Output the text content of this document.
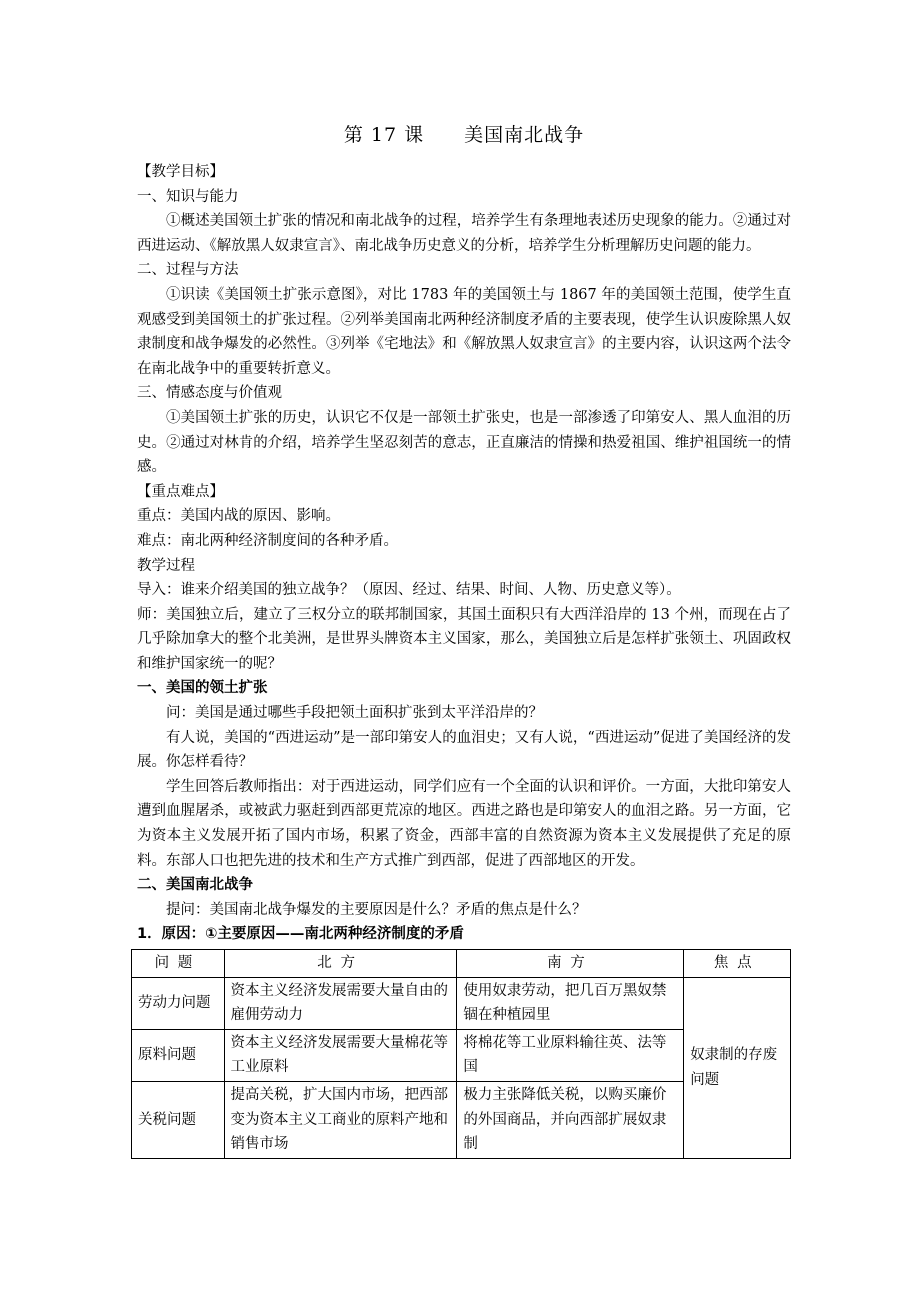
第 17 课　　美国南北战争

【教学目标】

一、知识与能力

①概述美国领土扩张的情况和南北战争的过程，培养学生有条理地表述历史现象的能力。②通过对西进运动、《解放黑人奴隶宣言》、南北战争历史意义的分析，培养学生分析理解历史问题的能力。

二、过程与方法

①识读《美国领土扩张示意图》，对比 1783 年的美国领土与 1867 年的美国领土范围，使学生直观感受到美国领土的扩张过程。②列举美国南北两种经济制度矛盾的主要表现，使学生认识废除黑人奴隶制度和战争爆发的必然性。③列举《宅地法》和《解放黑人奴隶宣言》的主要内容，认识这两个法令在南北战争中的重要转折意义。

三、情感态度与价值观

①美国领土扩张的历史，认识它不仅是一部领土扩张史，也是一部渗透了印第安人、黑人血泪的历史。②通过对林肯的介绍，培养学生坚忍刻苦的意志，正直廉洁的情操和热爱祖国、维护祖国统一的情感。

【重点难点】

重点：美国内战的原因、影响。

难点：南北两种经济制度间的各种矛盾。

教学过程

导入：谁来介绍美国的独立战争？（原因、经过、结果、时间、人物、历史意义等）。

师：美国独立后，建立了三权分立的联邦制国家，其国土面积只有大西洋沿岸的 13 个州，而现在占了几乎除加拿大的整个北美洲，是世界头牌资本主义国家，那么，美国独立后是怎样扩张领土、巩固政权和维护国家统一的呢？

一、美国的领土扩张

问：美国是通过哪些手段把领土面积扩张到太平洋沿岸的？

有人说，美国的“西进运动”是一部印第安人的血泪史；又有人说，“西进运动”促进了美国经济的发展。你怎样看待？

学生回答后教师指出：对于西进运动，同学们应有一个全面的认识和评价。一方面，大批印第安人遭到血腥屠杀，或被武力驱赶到西部更荒凉的地区。西进之路也是印第安人的血泪之路。另一方面，它为资本主义发展开拓了国内市场，积累了资金，西部丰富的自然资源为资本主义发展提供了充足的原料。东部人口也把先进的技术和生产方式推广到西部，促进了西部地区的开发。

二、美国南北战争

提问：美国南北战争爆发的主要原因是什么？矛盾的焦点是什么？

1．原因：①主要原因——南北两种经济制度的矛盾

问题	北方	南方	焦点
劳动力问题	资本主义经济发展需要大量自由的雇佣劳动力	使用奴隶劳动，把几百万黑奴禁锢在种植园里	奴隶制的存废问题
原料问题	资本主义经济发展需要大量棉花等工业原料	将棉花等工业原料输往英、法等国	
关税问题	提高关税，扩大国内市场，把西部变为资本主义工商业的原料产地和销售市场	极力主张降低关税，以购买廉价的外国商品，并向西部扩展奴隶制	
